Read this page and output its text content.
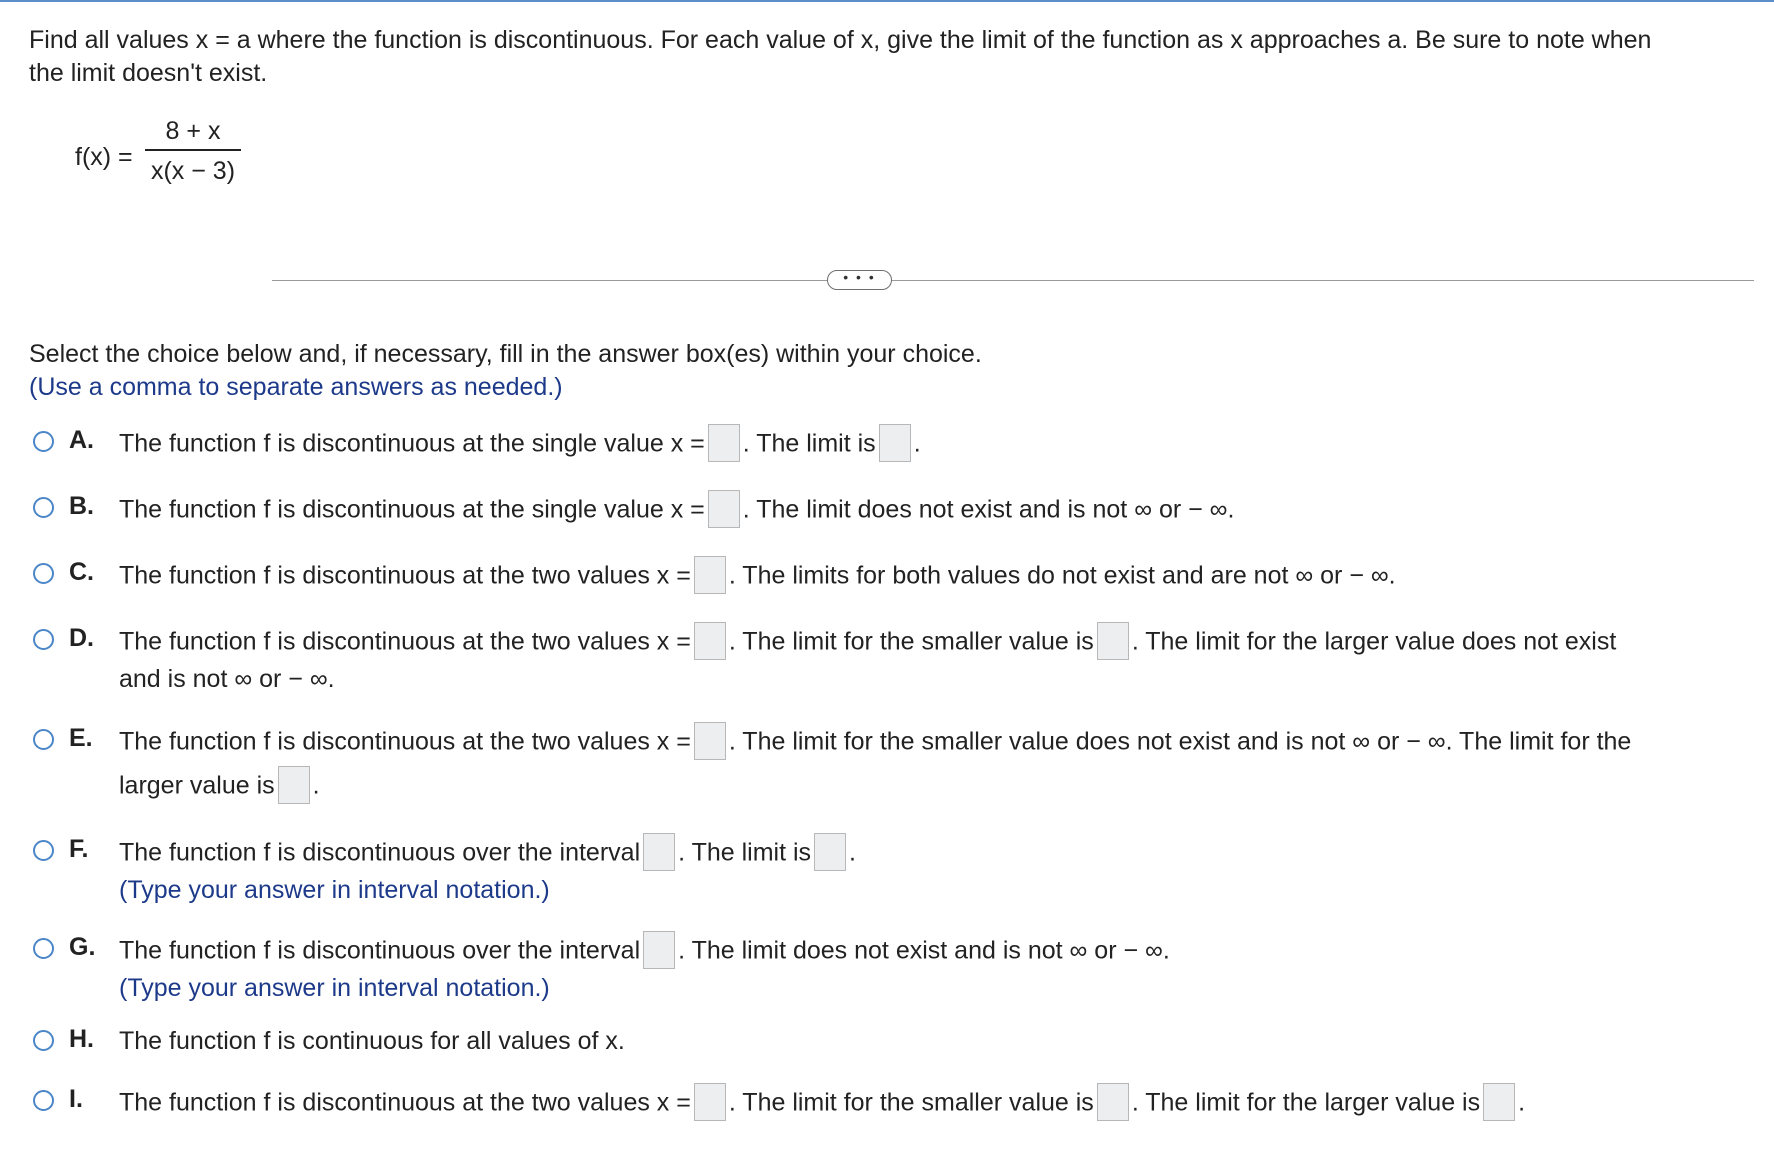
Find all values x = a where the function is discontinuous. For each value of x, give the limit of the function as x approaches a. Be sure to note when
the limit doesn't exist.
f(x) =
8 + x
x(x − 3)
• • •
Select the choice below and, if necessary, fill in the answer box(es) within your choice.
(Use a comma to separate answers as needed.)
A. The function f is discontinuous at the single value x = . The limit is .
B. The function f is discontinuous at the single value x = . The limit does not exist and is not ∞ or − ∞.
C. The function f is discontinuous at the two values x = . The limits for both values do not exist and are not ∞ or − ∞.
D. The function f is discontinuous at the two values x = . The limit for the smaller value is . The limit for the larger value does not exist
and is not ∞ or − ∞.
E. The function f is discontinuous at the two values x = . The limit for the smaller value does not exist and is not ∞ or − ∞. The limit for the
larger value is .
F. The function f is discontinuous over the interval . The limit is .
(Type your answer in interval notation.)
G. The function f is discontinuous over the interval . The limit does not exist and is not ∞ or − ∞.
(Type your answer in interval notation.)
H. The function f is continuous for all values of x.
I. The function f is discontinuous at the two values x = . The limit for the smaller value is . The limit for the larger value is .
